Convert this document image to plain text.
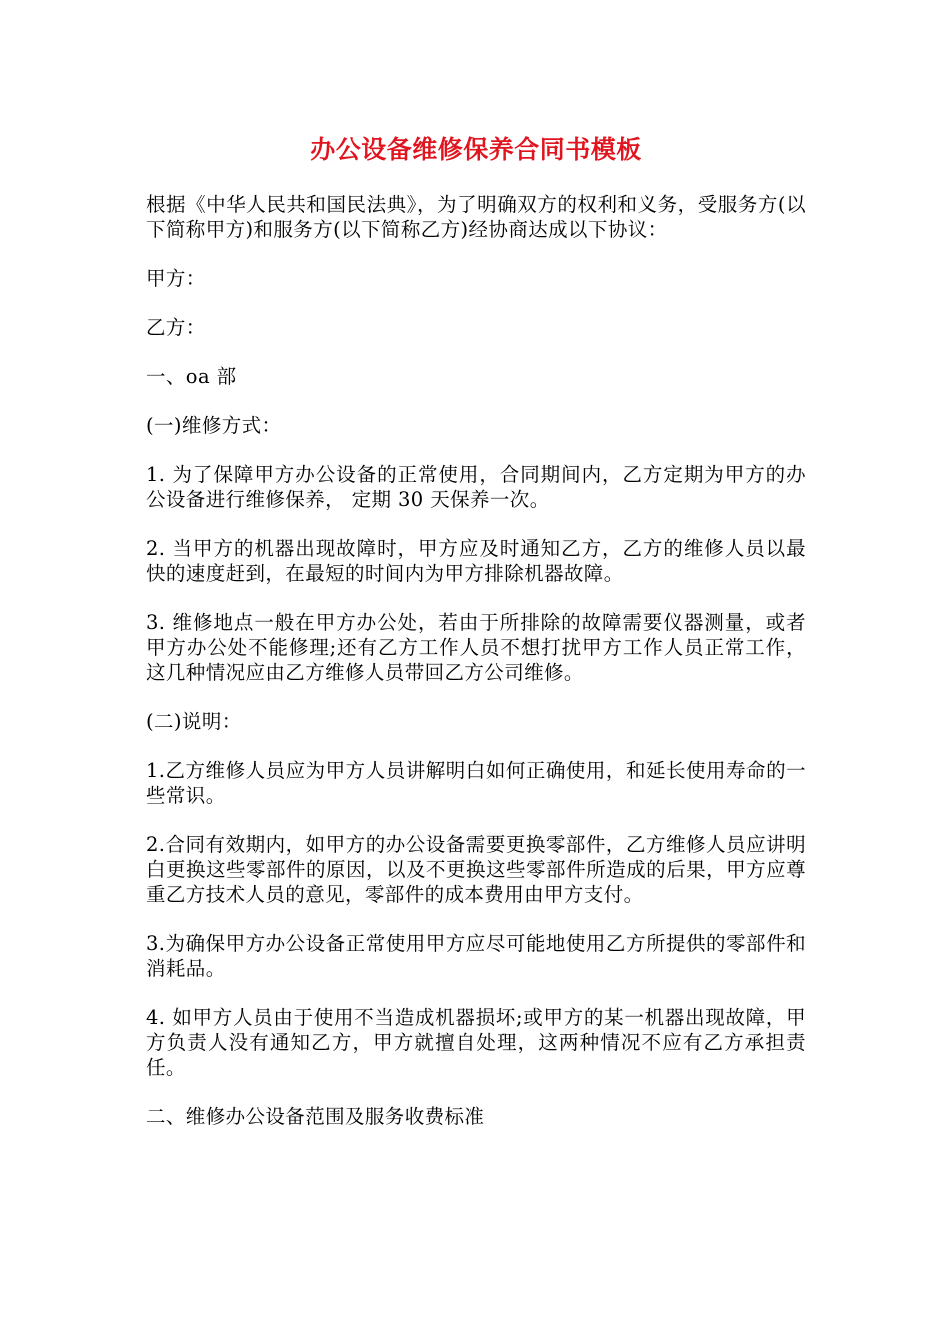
办公设备维修保养合同书模板

根据《中华人民共和国民法典》，为了明确双方的权利和义务，受服务方(以下简称甲方)和服务方(以下简称乙方)经协商达成以下协议：

甲方：

乙方：

一、oa 部

(一)维修方式：

1. 为了保障甲方办公设备的正常使用，合同期间内，乙方定期为甲方的办公设备进行维修保养， 定期 30 天保养一次。

2. 当甲方的机器出现故障时，甲方应及时通知乙方，乙方的维修人员以最快的速度赶到，在最短的时间内为甲方排除机器故障。

3. 维修地点一般在甲方办公处，若由于所排除的故障需要仪器测量，或者甲方办公处不能修理;还有乙方工作人员不想打扰甲方工作人员正常工作，这几种情况应由乙方维修人员带回乙方公司维修。

(二)说明：

1.乙方维修人员应为甲方人员讲解明白如何正确使用，和延长使用寿命的一些常识。

2.合同有效期内，如甲方的办公设备需要更换零部件，乙方维修人员应讲明白更换这些零部件的原因，以及不更换这些零部件所造成的后果，甲方应尊重乙方技术人员的意见，零部件的成本费用由甲方支付。

3.为确保甲方办公设备正常使用甲方应尽可能地使用乙方所提供的零部件和消耗品。

4. 如甲方人员由于使用不当造成机器损坏;或甲方的某一机器出现故障，甲方负责人没有通知乙方，甲方就擅自处理，这两种情况不应有乙方承担责任。

二、维修办公设备范围及服务收费标准
